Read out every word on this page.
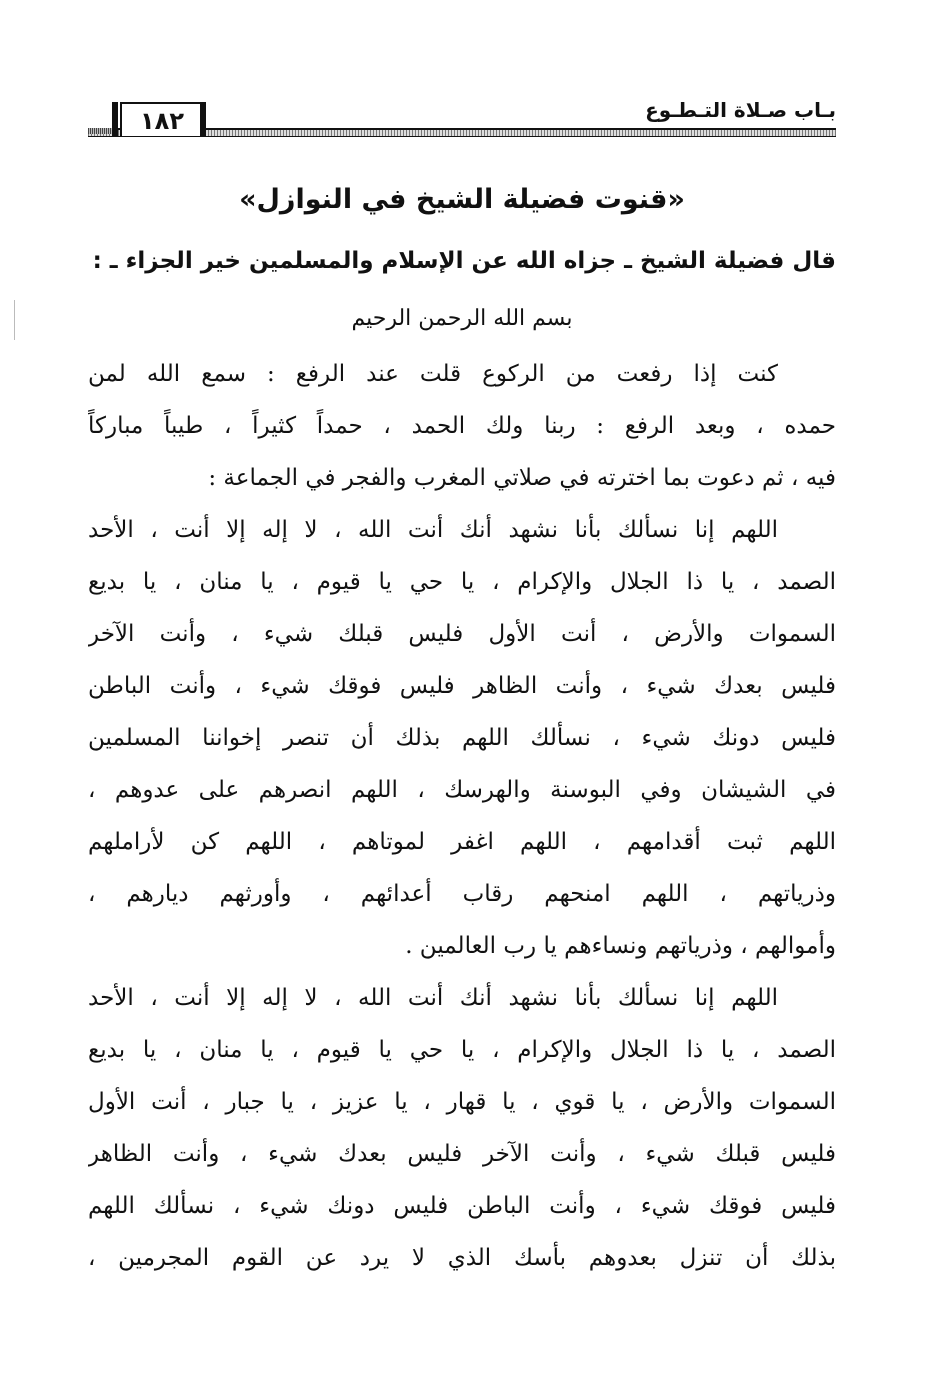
١٨٢	بـاب صـلاة التـطـوع
«قنوت فضيلة الشيخ في النوازل»

قال فضيلة الشيخ ـ جزاه الله عن الإسلام والمسلمين خير الجزاء ـ :

بسم الله الرحمن الرحيم

كنت إذا رفعت من الركوع قلت عند الرفع : سمع الله لمن
حمده ، وبعد الرفع : ربنا ولك الحمد ، حمداً كثيراً ، طيباً مباركاً
فيه ، ثم دعوت بما اخترته في صلاتي المغرب والفجر في الجماعة :
اللهم إنا نسألك بأنا نشهد أنك أنت الله ، لا إله إلا أنت ، الأحد
الصمد ، يا ذا الجلال والإكرام ، يا حي يا قيوم ، يا منان ، يا بديع
السموات والأرض ، أنت الأول فليس قبلك شيء ، وأنت الآخر
فليس بعدك شيء ، وأنت الظاهر فليس فوقك شيء ، وأنت الباطن
فليس دونك شيء ، نسألك اللهم بذلك أن تنصر إخواننا المسلمين
في الشيشان وفي البوسنة والهرسك ، اللهم انصرهم على عدوهم ،
اللهم ثبت أقدامهم ، اللهم اغفر لموتاهم ، اللهم كن لأراملهم
وذرياتهم ، اللهم امنحهم رقاب أعدائهم ، وأورثهم ديارهم ،
وأموالهم ، وذرياتهم ونساءهم يا رب العالمين .
اللهم إنا نسألك بأنا نشهد أنك أنت الله ، لا إله إلا أنت ، الأحد
الصمد ، يا ذا الجلال والإكرام ، يا حي يا قيوم ، يا منان ، يا بديع
السموات والأرض ، يا قوي ، يا قهار ، يا عزيز ، يا جبار ، أنت الأول
فليس قبلك شيء ، وأنت الآخر فليس بعدك شيء ، وأنت الظاهر
فليس فوقك شيء ، وأنت الباطن فليس دونك شيء ، نسألك اللهم
بذلك أن تنزل بعدوهم بأسك الذي لا يرد عن القوم المجرمين ،
